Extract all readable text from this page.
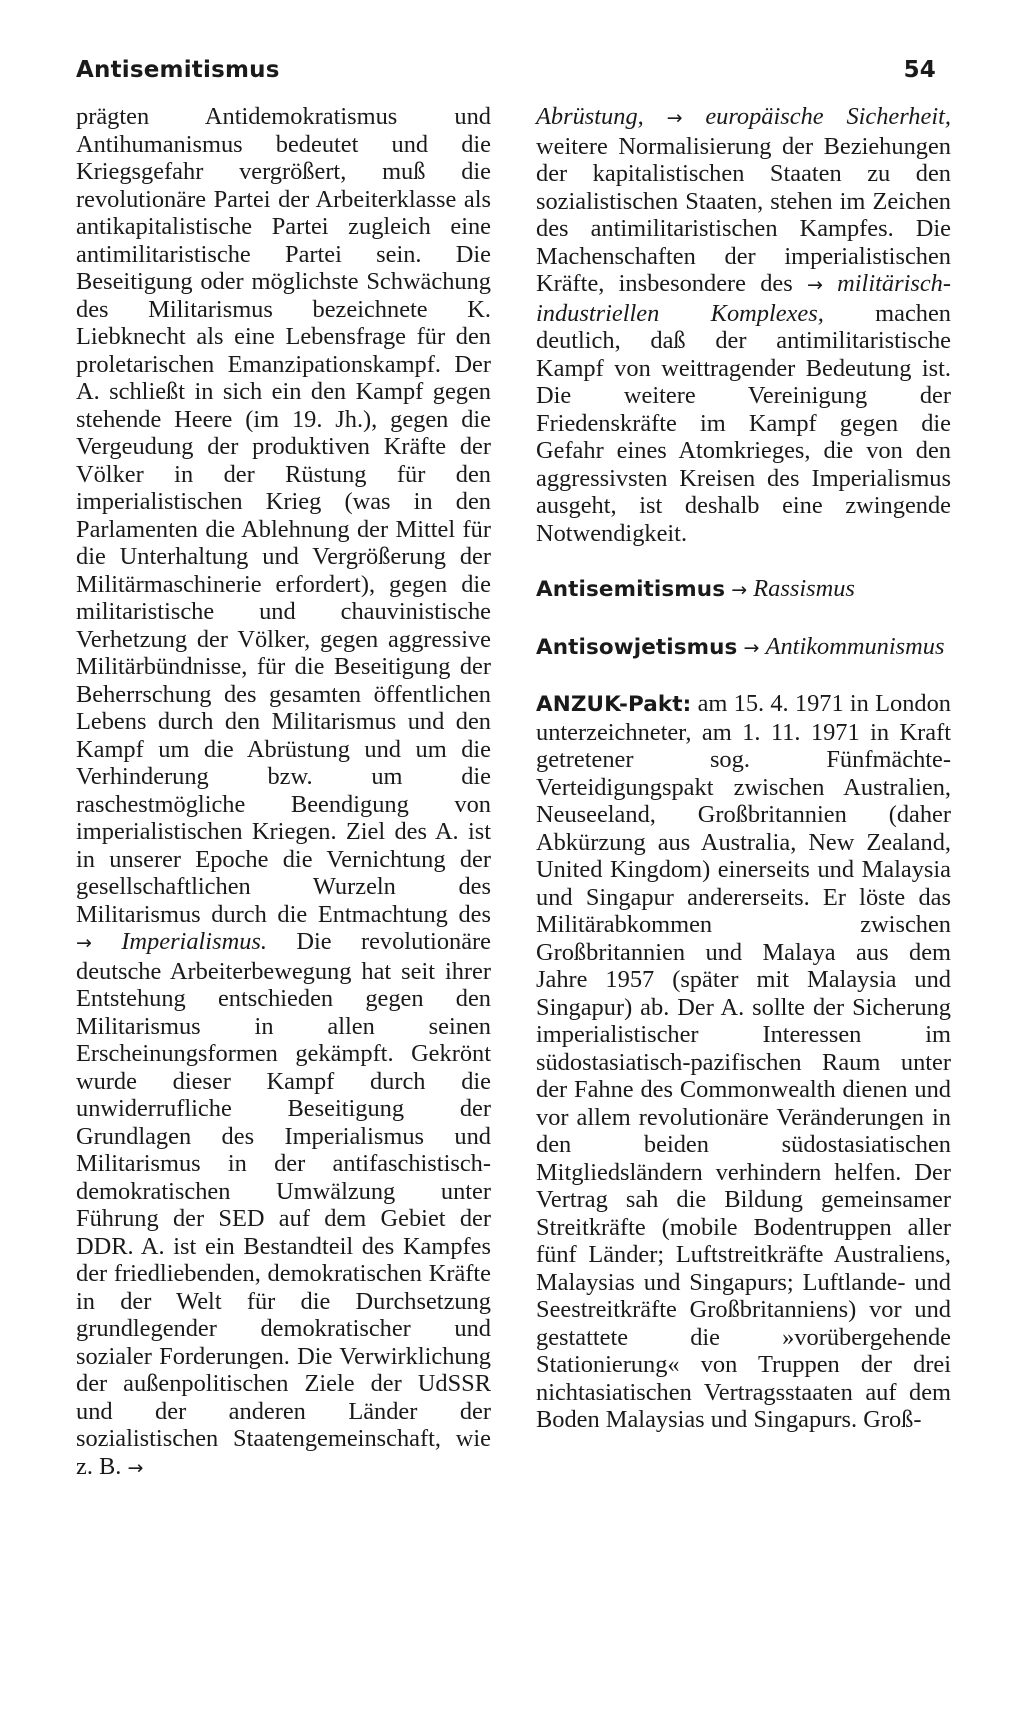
Antisemitismus	54

prägten Antidemokratismus und Antihumanismus bedeutet und die Kriegsgefahr vergrößert, muß die revolutionäre Partei der Arbeiterklasse als antikapitalistische Partei zugleich eine antimilitaristische Partei sein. Die Beseitigung oder möglichste Schwächung des Militarismus bezeichnete K. Liebknecht als eine Lebensfrage für den proletarischen Emanzipationskampf. Der A. schließt in sich ein den Kampf gegen stehende Heere (im 19. Jh.), gegen die Vergeudung der produktiven Kräfte der Völker in der Rüstung für den imperialistischen Krieg (was in den Parlamenten die Ablehnung der Mittel für die Unterhaltung und Vergrößerung der Militärmaschinerie erfordert), gegen die militaristische und chauvinistische Verhetzung der Völker, gegen aggressive Militärbündnisse, für die Beseitigung der Beherrschung des gesamten öffentlichen Lebens durch den Militarismus und den Kampf um die Abrüstung und um die Verhinderung bzw. um die raschestmögliche Beendigung von imperialistischen Kriegen. Ziel des A. ist in unserer Epoche die Vernichtung der gesellschaftlichen Wurzeln des Militarismus durch die Entmachtung des → Imperialismus. Die revolutionäre deutsche Arbeiterbewegung hat seit ihrer Entstehung entschieden gegen den Militarismus in allen seinen Erscheinungsformen gekämpft. Gekrönt wurde dieser Kampf durch die unwiderrufliche Beseitigung der Grundlagen des Imperialismus und Militarismus in der antifaschistisch-demokratischen Umwälzung unter Führung der SED auf dem Gebiet der DDR. A. ist ein Bestandteil des Kampfes der friedliebenden, demokratischen Kräfte in der Welt für die Durchsetzung grundlegender demokratischer und sozialer Forderungen. Die Verwirklichung der außenpolitischen Ziele der UdSSR und der anderen Länder der sozialistischen Staatengemeinschaft, wie z. B. →

Abrüstung, → europäische Sicherheit, weitere Normalisierung der Beziehungen der kapitalistischen Staaten zu den sozialistischen Staaten, stehen im Zeichen des antimilitaristischen Kampfes. Die Machenschaften der imperialistischen Kräfte, insbesondere des → militärisch-industriellen Komplexes, machen deutlich, daß der antimilitaristische Kampf von weittragender Bedeutung ist. Die weitere Vereinigung der Friedenskräfte im Kampf gegen die Gefahr eines Atomkrieges, die von den aggressivsten Kreisen des Imperialismus ausgeht, ist deshalb eine zwingende Notwendigkeit.

Antisemitismus → Rassismus

Antisowjetismus → Antikommunismus

ANZUK-Pakt: am 15. 4. 1971 in London unterzeichneter, am 1. 11. 1971 in Kraft getretener sog. Fünfmächte-Verteidigungspakt zwischen Australien, Neuseeland, Großbritannien (daher Abkürzung aus Australia, New Zealand, United Kingdom) einerseits und Malaysia und Singapur andererseits. Er löste das Militärabkommen zwischen Großbritannien und Malaya aus dem Jahre 1957 (später mit Malaysia und Singapur) ab. Der A. sollte der Sicherung imperialistischer Interessen im südostasiatisch-pazifischen Raum unter der Fahne des Commonwealth dienen und vor allem revolutionäre Veränderungen in den beiden südostasiatischen Mitgliedsländern verhindern helfen. Der Vertrag sah die Bildung gemeinsamer Streitkräfte (mobile Bodentruppen aller fünf Länder; Luftstreitkräfte Australiens, Malaysias und Singapurs; Luftlande- und Seestreitkräfte Großbritanniens) vor und gestattete die »vorübergehende Stationierung« von Truppen der drei nichtasiatischen Vertragsstaaten auf dem Boden Malaysias und Singapurs. Groß-
